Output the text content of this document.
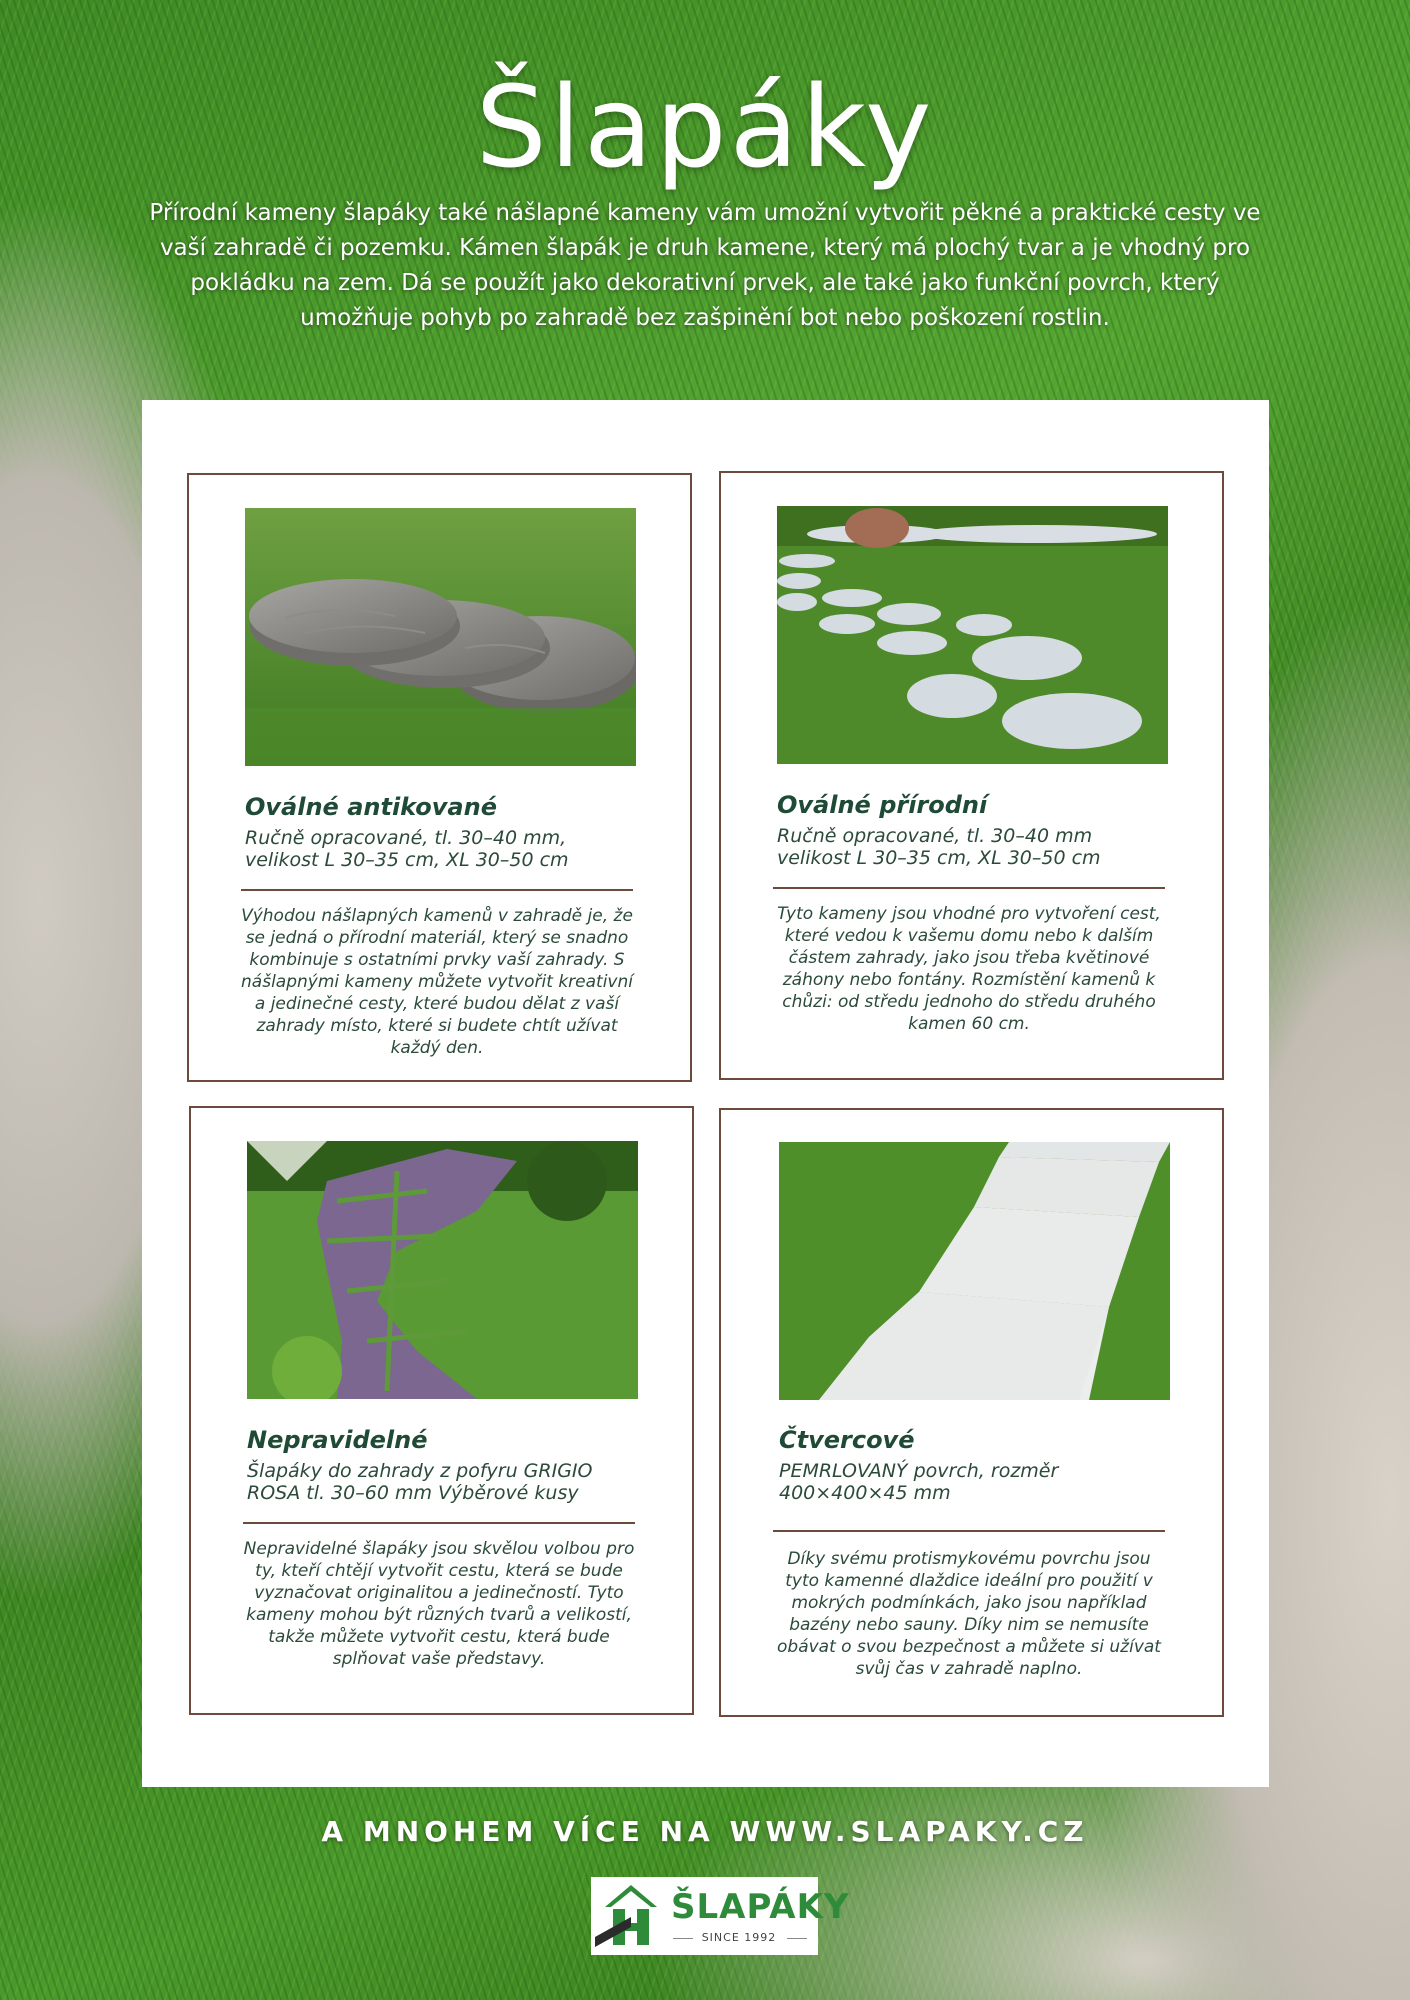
Šlapáky
Přírodní kameny šlapáky také nášlapné kameny vám umožní vytvořit pěkné a praktické cesty ve vaší zahradě či pozemku. Kámen šlapák je druh kamene, který má plochý tvar a je vhodný pro pokládku na zem. Dá se použít jako dekorativní prvek, ale také jako funkční povrch, který umožňuje pohyb po zahradě bez zašpinění bot nebo poškození rostlin.
Oválné antikované
Ručně opracované, tl. 30–40 mm, velikost L 30–35 cm, XL 30–50 cm
Výhodou nášlapných kamenů v zahradě je, že se jedná o přírodní materiál, který se snadno kombinuje s ostatními prvky vaší zahrady. S nášlapnými kameny můžete vytvořit kreativní a jedinečné cesty, které budou dělat z vaší zahrady místo, které si budete chtít užívat každý den.
Oválné přírodní
Ručně opracované, tl. 30–40 mm velikost L 30–35 cm, XL 30–50 cm
Tyto kameny jsou vhodné pro vytvoření cest, které vedou k vašemu domu nebo k dalším částem zahrady, jako jsou třeba květinové záhony nebo fontány. Rozmístění kamenů k chůzi: od středu jednoho do středu druhého kamen 60 cm.
Nepravidelné
Šlapáky do zahrady z pofyru GRIGIO ROSA tl. 30–60 mm Výběrové kusy
Nepravidelné šlapáky jsou skvělou volbou pro ty, kteří chtějí vytvořit cestu, která se bude vyznačovat originalitou a jedinečností. Tyto kameny mohou být různých tvarů a velikostí, takže můžete vytvořit cestu, která bude splňovat vaše představy.
Čtvercové
PEMRLOVANÝ povrch, rozměr 400×400×45 mm
Díky svému protismykovému povrchu jsou tyto kamenné dlaždice ideální pro použití v mokrých podmínkách, jako jsou například bazény nebo sauny. Díky nim se nemusíte obávat o svou bezpečnost a můžete si užívat svůj čas v zahradě naplno.
A MNOHEM VÍCE NA WWW.SLAPAKY.CZ
ŠLAPÁKY
SINCE 1992
